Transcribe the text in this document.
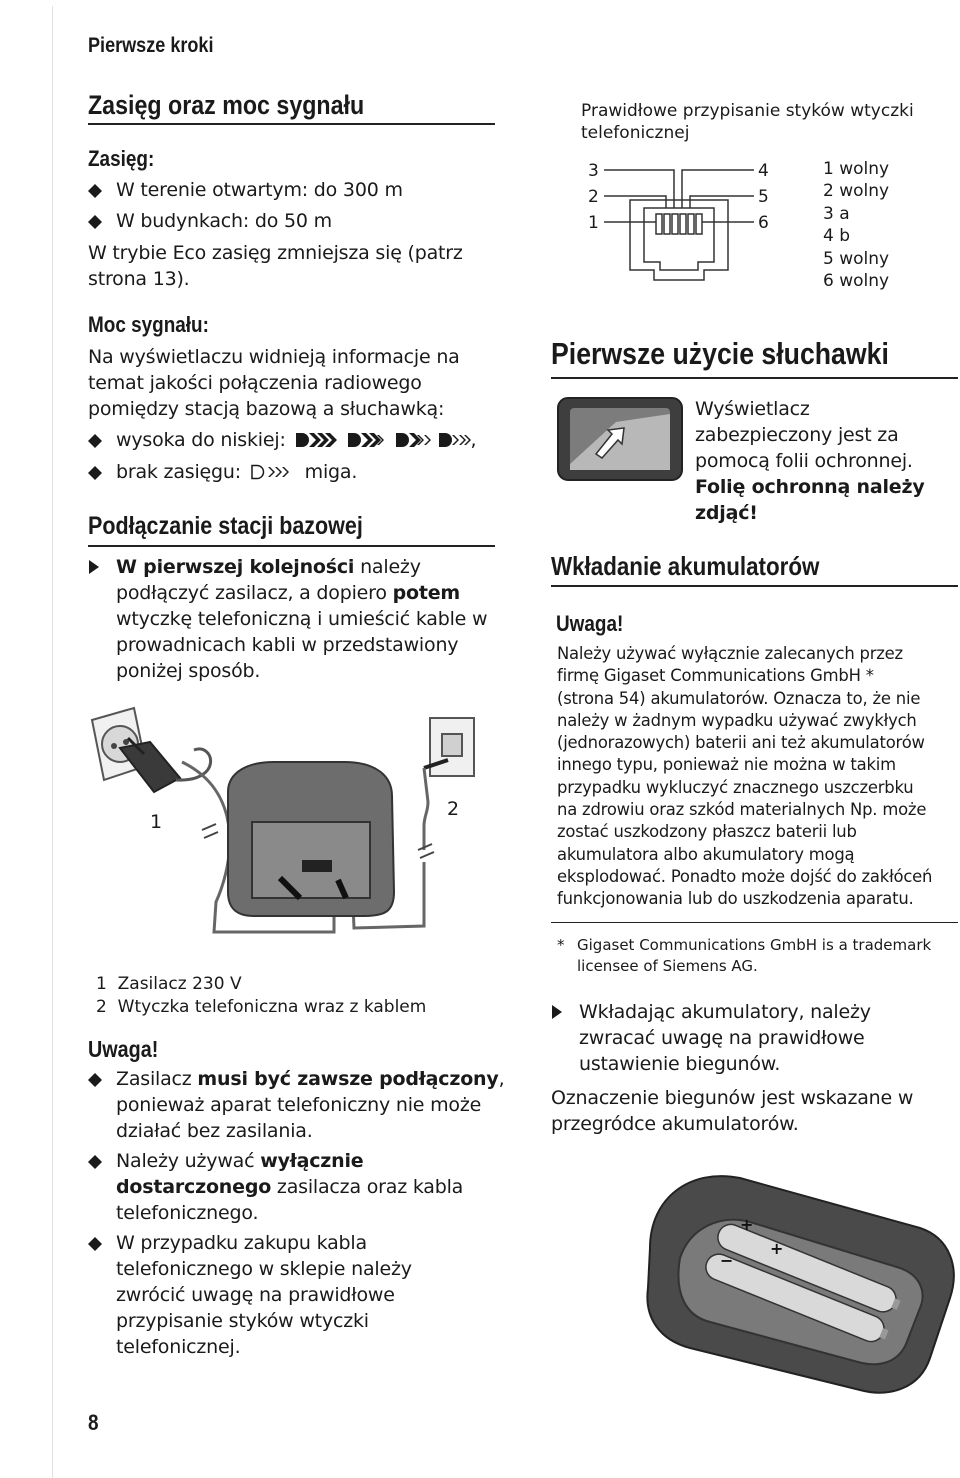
Pierwsze kroki
Zasięg oraz moc sygnału
Zasięg:
W terenie otwartym: do 300 m
W budynkach: do 50 m
W trybie Eco zasięg zmniejsza się (patrz
strona 13).
Moc sygnału:
Na wyświetlaczu widnieją informacje na
temat jakości połączenia radiowego
pomiędzy stacją bazową a słuchawką:
wysoka do niskiej:	,
brak zasięgu:	miga.
Podłączanie stacji bazowej
W pierwszej kolejności należy
podłączyć zasilacz, a dopiero potem
wtyczkę telefoniczną i umieścić kable w
prowadnicach kabli w przedstawiony
poniżej sposób.
1
2
1 Zasilacz 230 V
2 Wtyczka telefoniczna wraz z kablem
Uwaga!
Zasilacz musi być zawsze podłączony,
ponieważ aparat telefoniczny nie może
działać bez zasilania.
Należy używać wyłącznie
dostarczonego zasilacza oraz kabla
telefonicznego.
W przypadku zakupu kabla
telefonicznego w sklepie należy
zwrócić uwagę na prawidłowe
przypisanie styków wtyczki
telefonicznej.
8
Prawidłowe przypisanie styków wtyczki
telefonicznej
3
2
1
4
5
6
1 wolny
2 wolny
3 a
4 b
5 wolny
6 wolny
Pierwsze użycie słuchawki
Wyświetlacz
zabezpieczony jest za
pomocą folii ochronnej.
Folię ochronną należy
zdjąć!
Wkładanie akumulatorów
Uwaga!
Należy używać wyłącznie zalecanych przez
firmę Gigaset Communications GmbH *
(strona 54) akumulatorów. Oznacza to, że nie
należy w żadnym wypadku używać zwykłych
(jednorazowych) baterii ani też akumulatorów
innego typu, ponieważ nie można w takim
przypadku wykluczyć znacznego uszczerbku
na zdrowiu oraz szkód materialnych Np. może
zostać uszkodzony płaszcz baterii lub
akumulatora albo akumulatory mogą
eksplodować. Ponadto może dojść do zakłóceń
funkcjonowania lub do uszkodzenia aparatu.
* Gigaset Communications GmbH is a trademark
licensee of Siemens AG.
Wkładając akumulatory, należy
zwracać uwagę na prawidłowe
ustawienie biegunów.
Oznaczenie biegunów jest wskazane w
przegródce akumulatorów.
+
−
+
